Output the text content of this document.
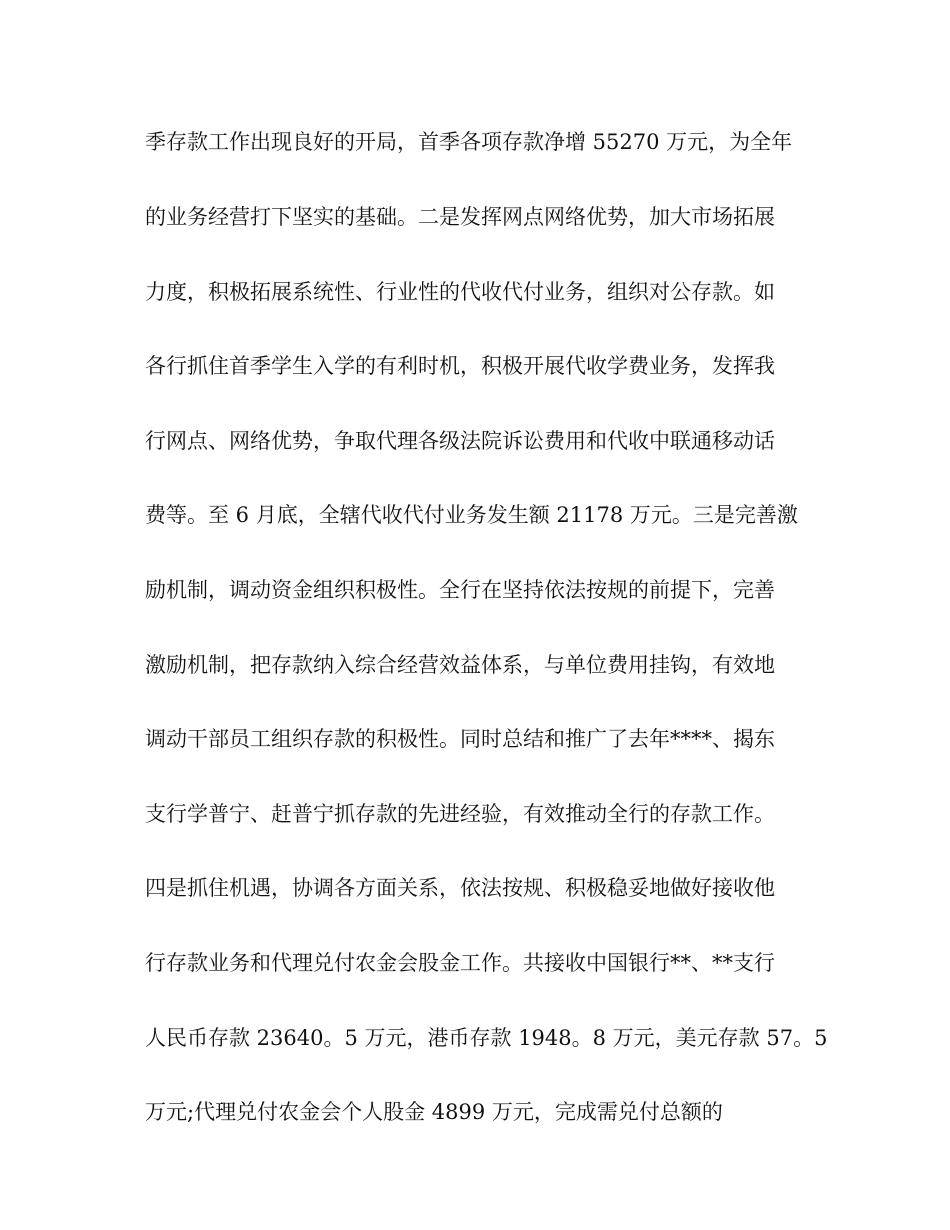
季存款工作出现良好的开局，首季各项存款净增 55270 万元，为全年
的业务经营打下坚实的基础。二是发挥网点网络优势，加大市场拓展
力度，积极拓展系统性、行业性的代收代付业务，组织对公存款。如
各行抓住首季学生入学的有利时机，积极开展代收学费业务，发挥我
行网点、网络优势，争取代理各级法院诉讼费用和代收中联通移动话
费等。至 6 月底，全辖代收代付业务发生额 21178 万元。三是完善激
励机制，调动资金组织积极性。全行在坚持依法按规的前提下，完善
激励机制，把存款纳入综合经营效益体系，与单位费用挂钩，有效地
调动干部员工组织存款的积极性。同时总结和推广了去年****、揭东
支行学普宁、赶普宁抓存款的先进经验，有效推动全行的存款工作。
四是抓住机遇，协调各方面关系，依法按规、积极稳妥地做好接收他
行存款业务和代理兑付农金会股金工作。共接收中国银行**、**支行
人民币存款 23640。5 万元，港币存款 1948。8 万元，美元存款 57。5
万元;代理兑付农金会个人股金 4899 万元，完成需兑付总额的
